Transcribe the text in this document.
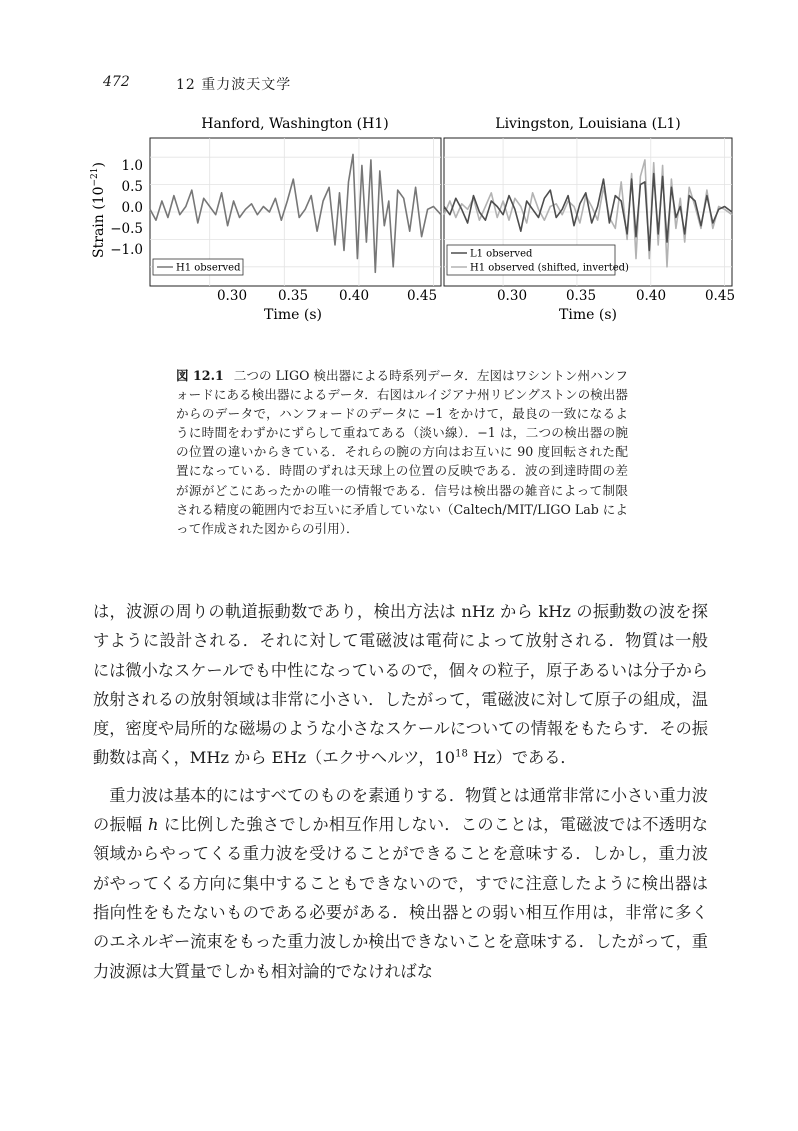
472	12 重力波天文学
Strain $(10^{-21})$
Hanford, Washington (H1)
1.0
0.5
0.0
−0.5
−1.0
0.30 0.35 0.40	0.45
Time (s)
H1 observed
Livingston, Louisiana (L1)
0.30	0.35	0.40	0.45
Time (s)
L1 observed
H1 observed (shifted, inverted)
図 12.1 二つの LIGO 検出器による時系列データ．左図はワシントン州ハンフォードにある検出器によるデータ．右図はルイジアナ州リビングストンの検出器からのデータで，ハンフォードのデータに −1 をかけて，最良の一致になるように時間をわずかにずらして重ねてある（淡い線）．−1 は，二つの検出器の腕の位置の違いからきている．それらの腕の方向はお互いに 90 度回転された配置になっている．時間のずれは天球上の位置の反映である．波の到達時間の差が源がどこにあったかの唯一の情報である．信号は検出器の雑音によって制限される精度の範囲内でお互いに矛盾していない（Caltech/MIT/LIGO Lab によって作成された図からの引用）．

は，波源の周りの軌道振動数であり，検出方法は nHz から kHz の振動数の波を探すように設計される．それに対して電磁波は電荷によって放射される．物質は一般には微小なスケールでも中性になっているので，個々の粒子，原子あるいは分子から放射されるの放射領域は非常に小さい．したがって，電磁波に対して原子の組成，温度，密度や局所的な磁場のような小さなスケールについての情報をもたらす．その振動数は高く，MHz から EHz（エクサヘルツ，$10^{18}$ Hz）である．

重力波は基本的にはすべてのものを素通りする．物質とは通常非常に小さい重力波の振幅 h に比例した強さでしか相互作用しない．このことは，電磁波では不透明な領域からやってくる重力波を受けることができることを意味する．しかし，重力波がやってくる方向に集中することもできないので，すでに注意したように検出器は指向性をもたないものである必要がある．検出器との弱い相互作用は，非常に多くのエネルギー流束をもった重力波しか検出できないことを意味する．したがって，重力波源は大質量でしかも相対論的でなければな
